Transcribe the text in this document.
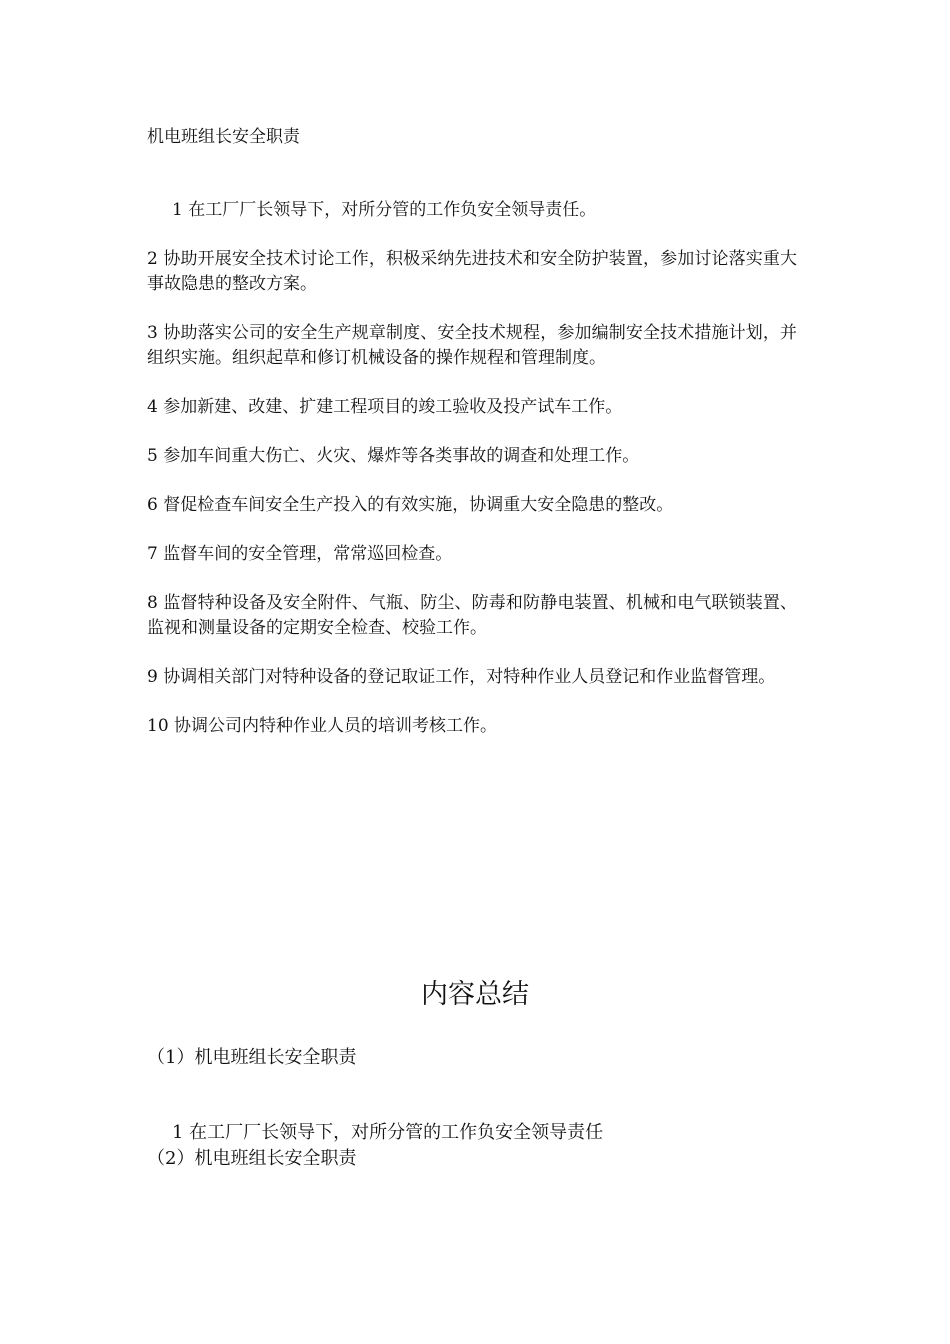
机电班组长安全职责

1 在工厂厂长领导下，对所分管的工作负安全领导责任。

2 协助开展安全技术讨论工作，积极采纳先进技术和安全防护装置，参加讨论落实重大事故隐患的整改方案。

3 协助落实公司的安全生产规章制度、安全技术规程，参加编制安全技术措施计划，并组织实施。组织起草和修订机械设备的操作规程和管理制度。

4 参加新建、改建、扩建工程项目的竣工验收及投产试车工作。

5 参加车间重大伤亡、火灾、爆炸等各类事故的调查和处理工作。

6 督促检查车间安全生产投入的有效实施，协调重大安全隐患的整改。

7 监督车间的安全管理，常常巡回检查。

8 监督特种设备及安全附件、气瓶、防尘、防毒和防静电装置、机械和电气联锁装置、监视和测量设备的定期安全检查、校验工作。

9 协调相关部门对特种设备的登记取证工作，对特种作业人员登记和作业监督管理。

10 协调公司内特种作业人员的培训考核工作。

内容总结
（1）机电班组长安全职责
1 在工厂厂长领导下，对所分管的工作负安全领导责任
（2）机电班组长安全职责
